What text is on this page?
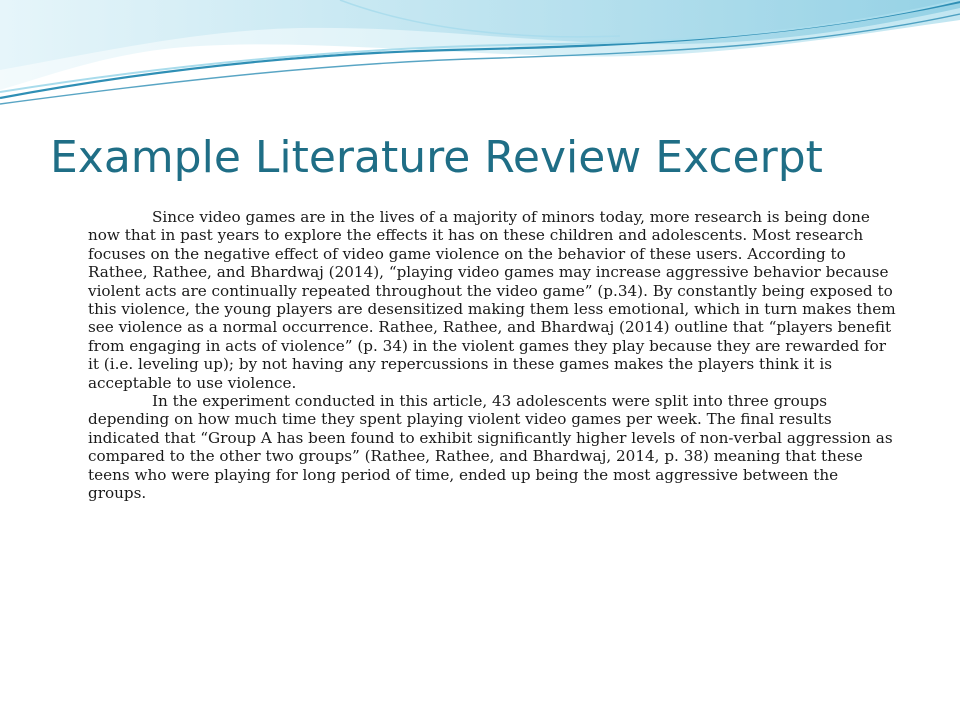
Example Literature Review Excerpt

Since video games are in the lives of a majority of minors today, more research is being done now that in past years to explore the effects it has on these children and adolescents. Most research focuses on the negative effect of video game violence on the behavior of these users. According to Rathee, Rathee, and Bhardwaj (2014), “playing video games may increase aggressive behavior because violent acts are continually repeated throughout the video game” (p.34). By constantly being exposed to this violence, the young players are desensitized making them less emotional, which in turn makes them see violence as a normal occurrence. Rathee, Rathee, and Bhardwaj (2014) outline that “players benefit from engaging in acts of violence” (p. 34) in the violent games they play because they are rewarded for it (i.e. leveling up); by not having any repercussions in these games makes the players think it is acceptable to use violence.

In the experiment conducted in this article, 43 adolescents were split into three groups depending on how much time they spent playing violent video games per week. The final results indicated that “Group A has been found to exhibit significantly higher levels of non-verbal aggression as compared to the other two groups” (Rathee, Rathee, and Bhardwaj, 2014, p. 38) meaning that these teens who were playing for long period of time, ended up being the most aggressive between the groups.
